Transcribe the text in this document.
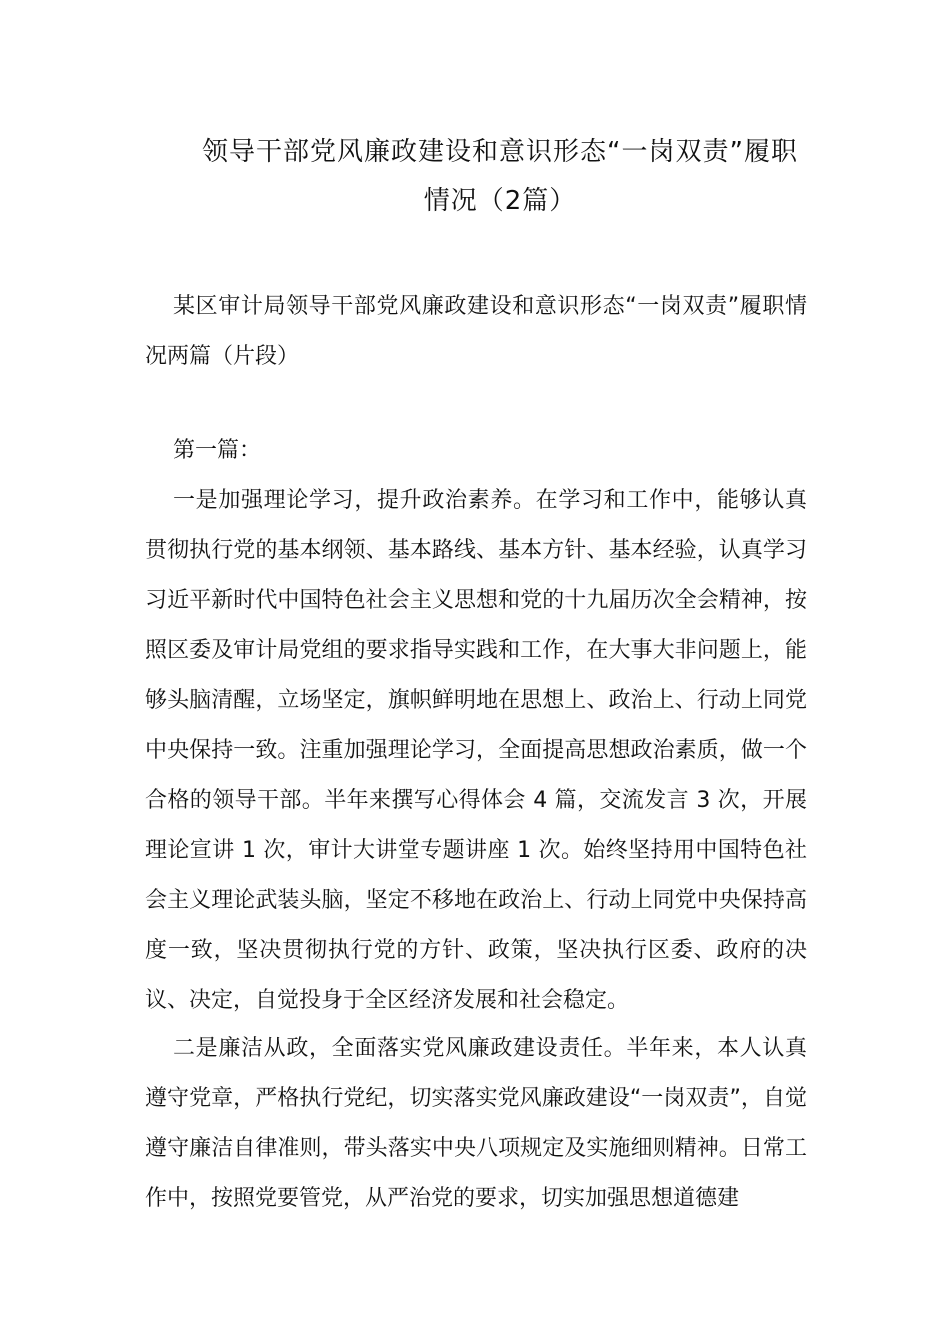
领导干部党风廉政建设和意识形态“一岗双责”履职
情况（2篇）
某区审计局领导干部党风廉政建设和意识形态“一岗双责”履职情况两篇（片段）
第一篇：
一是加强理论学习，提升政治素养。在学习和工作中，能够认真贯彻执行党的基本纲领、基本路线、基本方针、基本经验，认真学习习近平新时代中国特色社会主义思想和党的十九届历次全会精神，按照区委及审计局党组的要求指导实践和工作，在大事大非问题上，能够头脑清醒，立场坚定，旗帜鲜明地在思想上、政治上、行动上同党中央保持一致。注重加强理论学习，全面提高思想政治素质，做一个合格的领导干部。半年来撰写心得体会 4 篇，交流发言 3 次，开展理论宣讲 1 次，审计大讲堂专题讲座 1 次。始终坚持用中国特色社会主义理论武装头脑，坚定不移地在政治上、行动上同党中央保持高度一致，坚决贯彻执行党的方针、政策，坚决执行区委、政府的决议、决定，自觉投身于全区经济发展和社会稳定。
二是廉洁从政，全面落实党风廉政建设责任。半年来，本人认真遵守党章，严格执行党纪，切实落实党风廉政建设“一岗双责”，自觉遵守廉洁自律准则，带头落实中央八项规定及实施细则精神。日常工作中，按照党要管党，从严治党的要求，切实加强思想道德建
